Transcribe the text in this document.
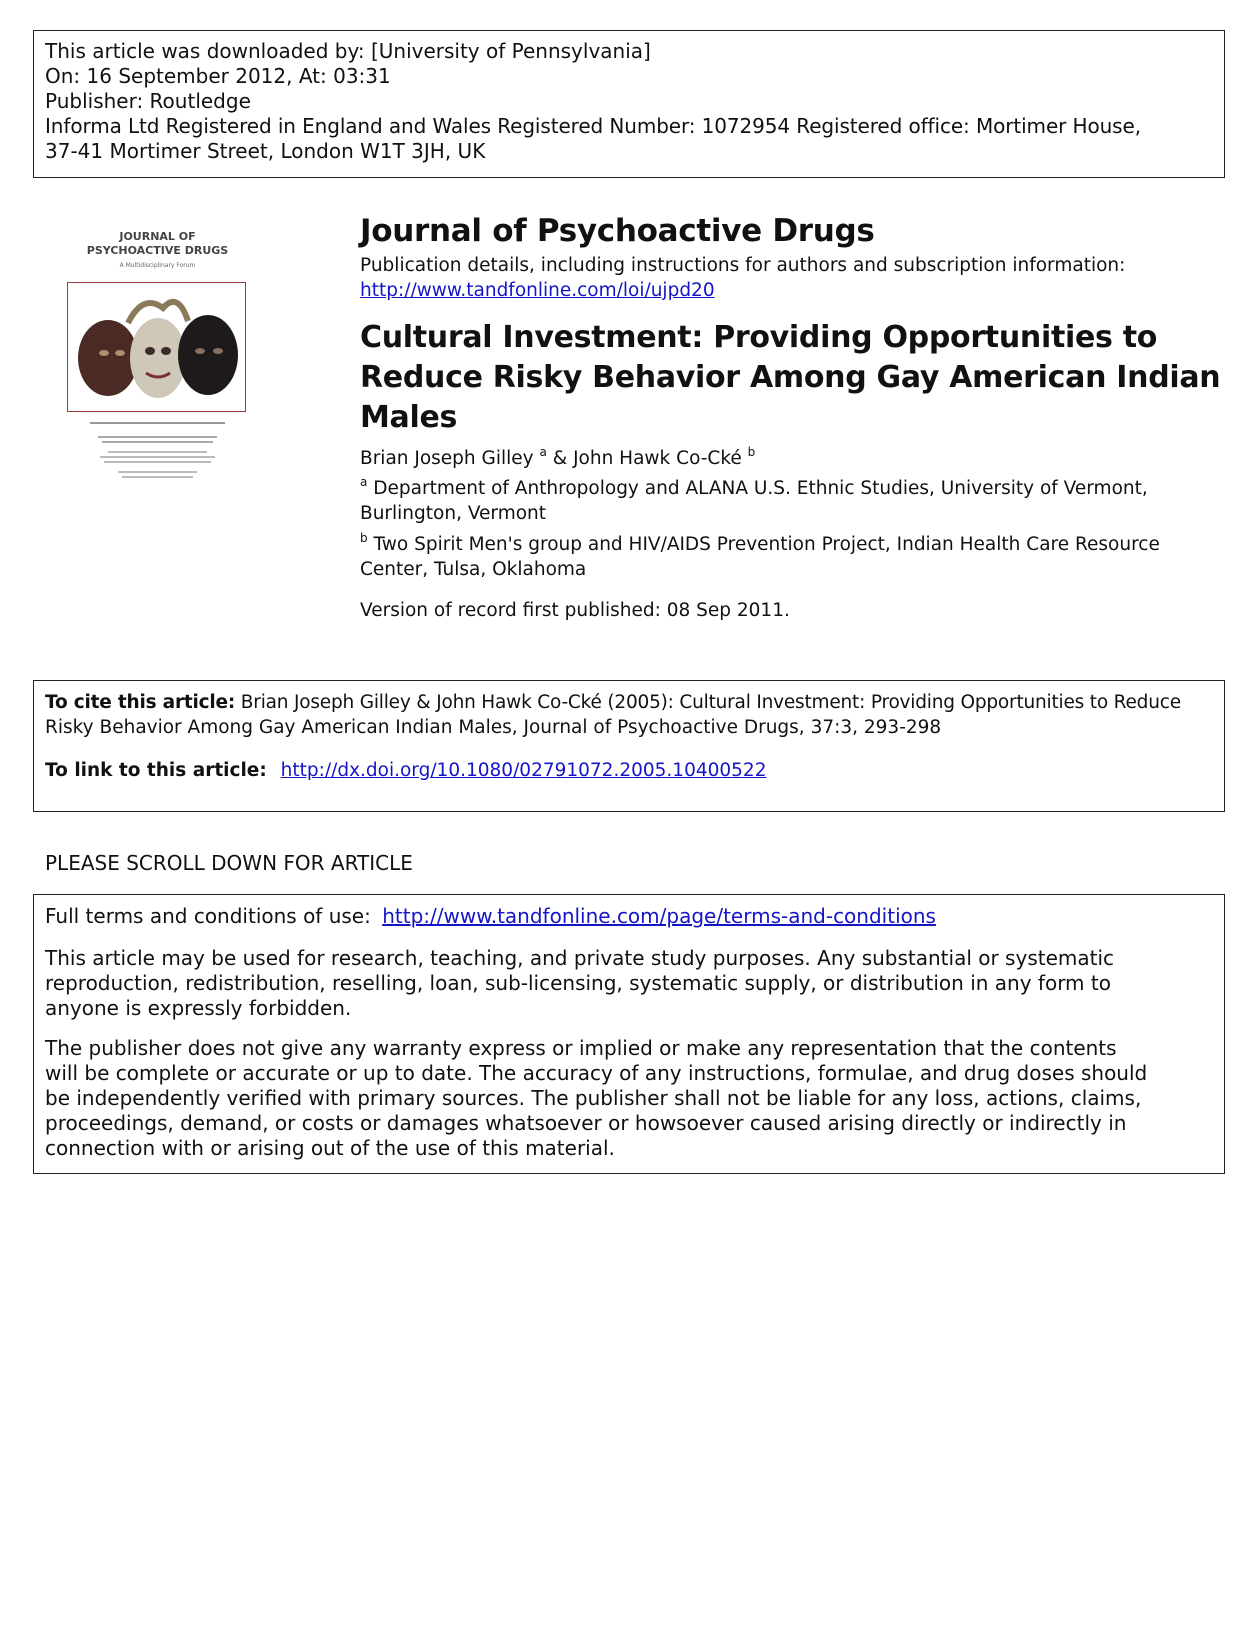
This article was downloaded by: [University of Pennsylvania]
On: 16 September 2012, At: 03:31
Publisher: Routledge
Informa Ltd Registered in England and Wales Registered Number: 1072954 Registered office: Mortimer House,
37-41 Mortimer Street, London W1T 3JH, UK
JOURNAL OF
PSYCHOACTIVE DRUGS
A Multidisciplinary Forum
Journal of Psychoactive Drugs
Publication details, including instructions for authors and subscription information:
http://www.tandfonline.com/loi/ujpd20
Cultural Investment: Providing Opportunities to
Reduce Risky Behavior Among Gay American Indian
Males
Brian Joseph Gilley $^a$ & John Hawk Co-Cké $^b$
$^a$ Department of Anthropology and ALANA U.S. Ethnic Studies, University of Vermont,
Burlington, Vermont
$^b$ Two Spirit Men's group and HIV/AIDS Prevention Project, Indian Health Care Resource
Center, Tulsa, Oklahoma
Version of record first published: 08 Sep 2011.
To cite this article: Brian Joseph Gilley & John Hawk Co-Cké (2005): Cultural Investment: Providing Opportunities to Reduce
Risky Behavior Among Gay American Indian Males, Journal of Psychoactive Drugs, 37:3, 293-298
To link to this article: http://dx.doi.org/10.1080/02791072.2005.10400522
PLEASE SCROLL DOWN FOR ARTICLE
Full terms and conditions of use: http://www.tandfonline.com/page/terms-and-conditions
This article may be used for research, teaching, and private study purposes. Any substantial or systematic
reproduction, redistribution, reselling, loan, sub-licensing, systematic supply, or distribution in any form to
anyone is expressly forbidden.
The publisher does not give any warranty express or implied or make any representation that the contents
will be complete or accurate or up to date. The accuracy of any instructions, formulae, and drug doses should
be independently verified with primary sources. The publisher shall not be liable for any loss, actions, claims,
proceedings, demand, or costs or damages whatsoever or howsoever caused arising directly or indirectly in
connection with or arising out of the use of this material.
